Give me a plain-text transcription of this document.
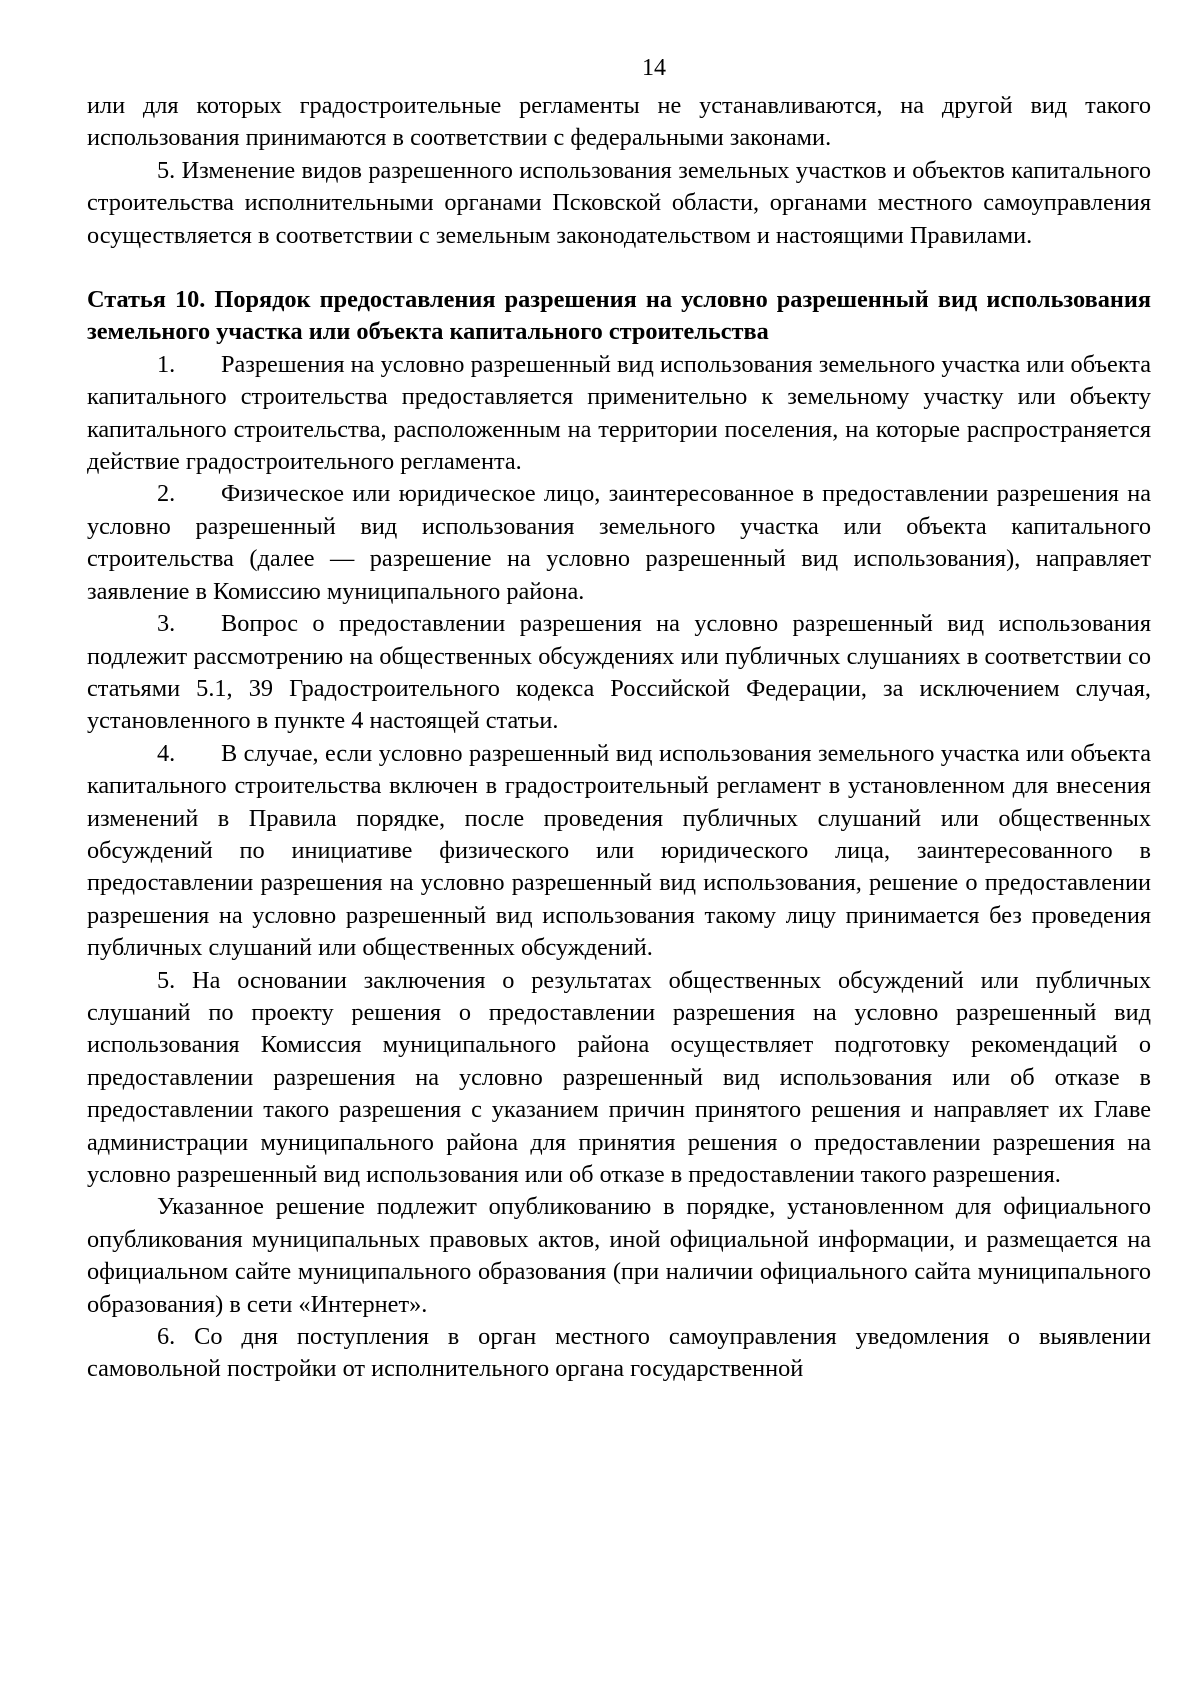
14

или для которых градостроительные регламенты не устанавливаются, на другой вид такого использования принимаются в соответствии с федеральными законами.

5. Изменение видов разрешенного использования земельных участков и объектов капитального строительства исполнительными органами Псковской области, органами местного самоуправления осуществляется в соответствии с земельным законодательством и настоящими Правилами.

Статья 10. Порядок предоставления разрешения на условно разрешенный вид использования земельного участка или объекта капитального строительства

1. Разрешения на условно разрешенный вид использования земельного участка или объекта капитального строительства предоставляется применительно к земельному участку или объекту капитального строительства, расположенным на территории поселения, на которые распространяется действие градостроительного регламента.

2. Физическое или юридическое лицо, заинтересованное в предоставлении разрешения на условно разрешенный вид использования земельного участка или объекта капитального строительства (далее — разрешение на условно разрешенный вид использования), направляет заявление в Комиссию муниципального района.

3. Вопрос о предоставлении разрешения на условно разрешенный вид использования подлежит рассмотрению на общественных обсуждениях или публичных слушаниях в соответствии со статьями 5.1, 39 Градостроительного кодекса Российской Федерации, за исключением случая, установленного в пункте 4 настоящей статьи.

4. В случае, если условно разрешенный вид использования земельного участка или объекта капитального строительства включен в градостроительный регламент в установленном для внесения изменений в Правила порядке, после проведения публичных слушаний или общественных обсуждений по инициативе физического или юридического лица, заинтересованного в предоставлении разрешения на условно разрешенный вид использования, решение о предоставлении разрешения на условно разрешенный вид использования такому лицу принимается без проведения публичных слушаний или общественных обсуждений.

5. На основании заключения о результатах общественных обсуждений или публичных слушаний по проекту решения о предоставлении разрешения на условно разрешенный вид использования Комиссия муниципального района осуществляет подготовку рекомендаций о предоставлении разрешения на условно разрешенный вид использования или об отказе в предоставлении такого разрешения с указанием причин принятого решения и направляет их Главе администрации муниципального района для принятия решения о предоставлении разрешения на условно разрешенный вид использования или об отказе в предоставлении такого разрешения.

Указанное решение подлежит опубликованию в порядке, установленном для официального опубликования муниципальных правовых актов, иной официальной информации, и размещается на официальном сайте муниципального образования (при наличии официального сайта муниципального образования) в сети «Интернет».

6. Со дня поступления в орган местного самоуправления уведомления о выявлении самовольной постройки от исполнительного органа государственной
